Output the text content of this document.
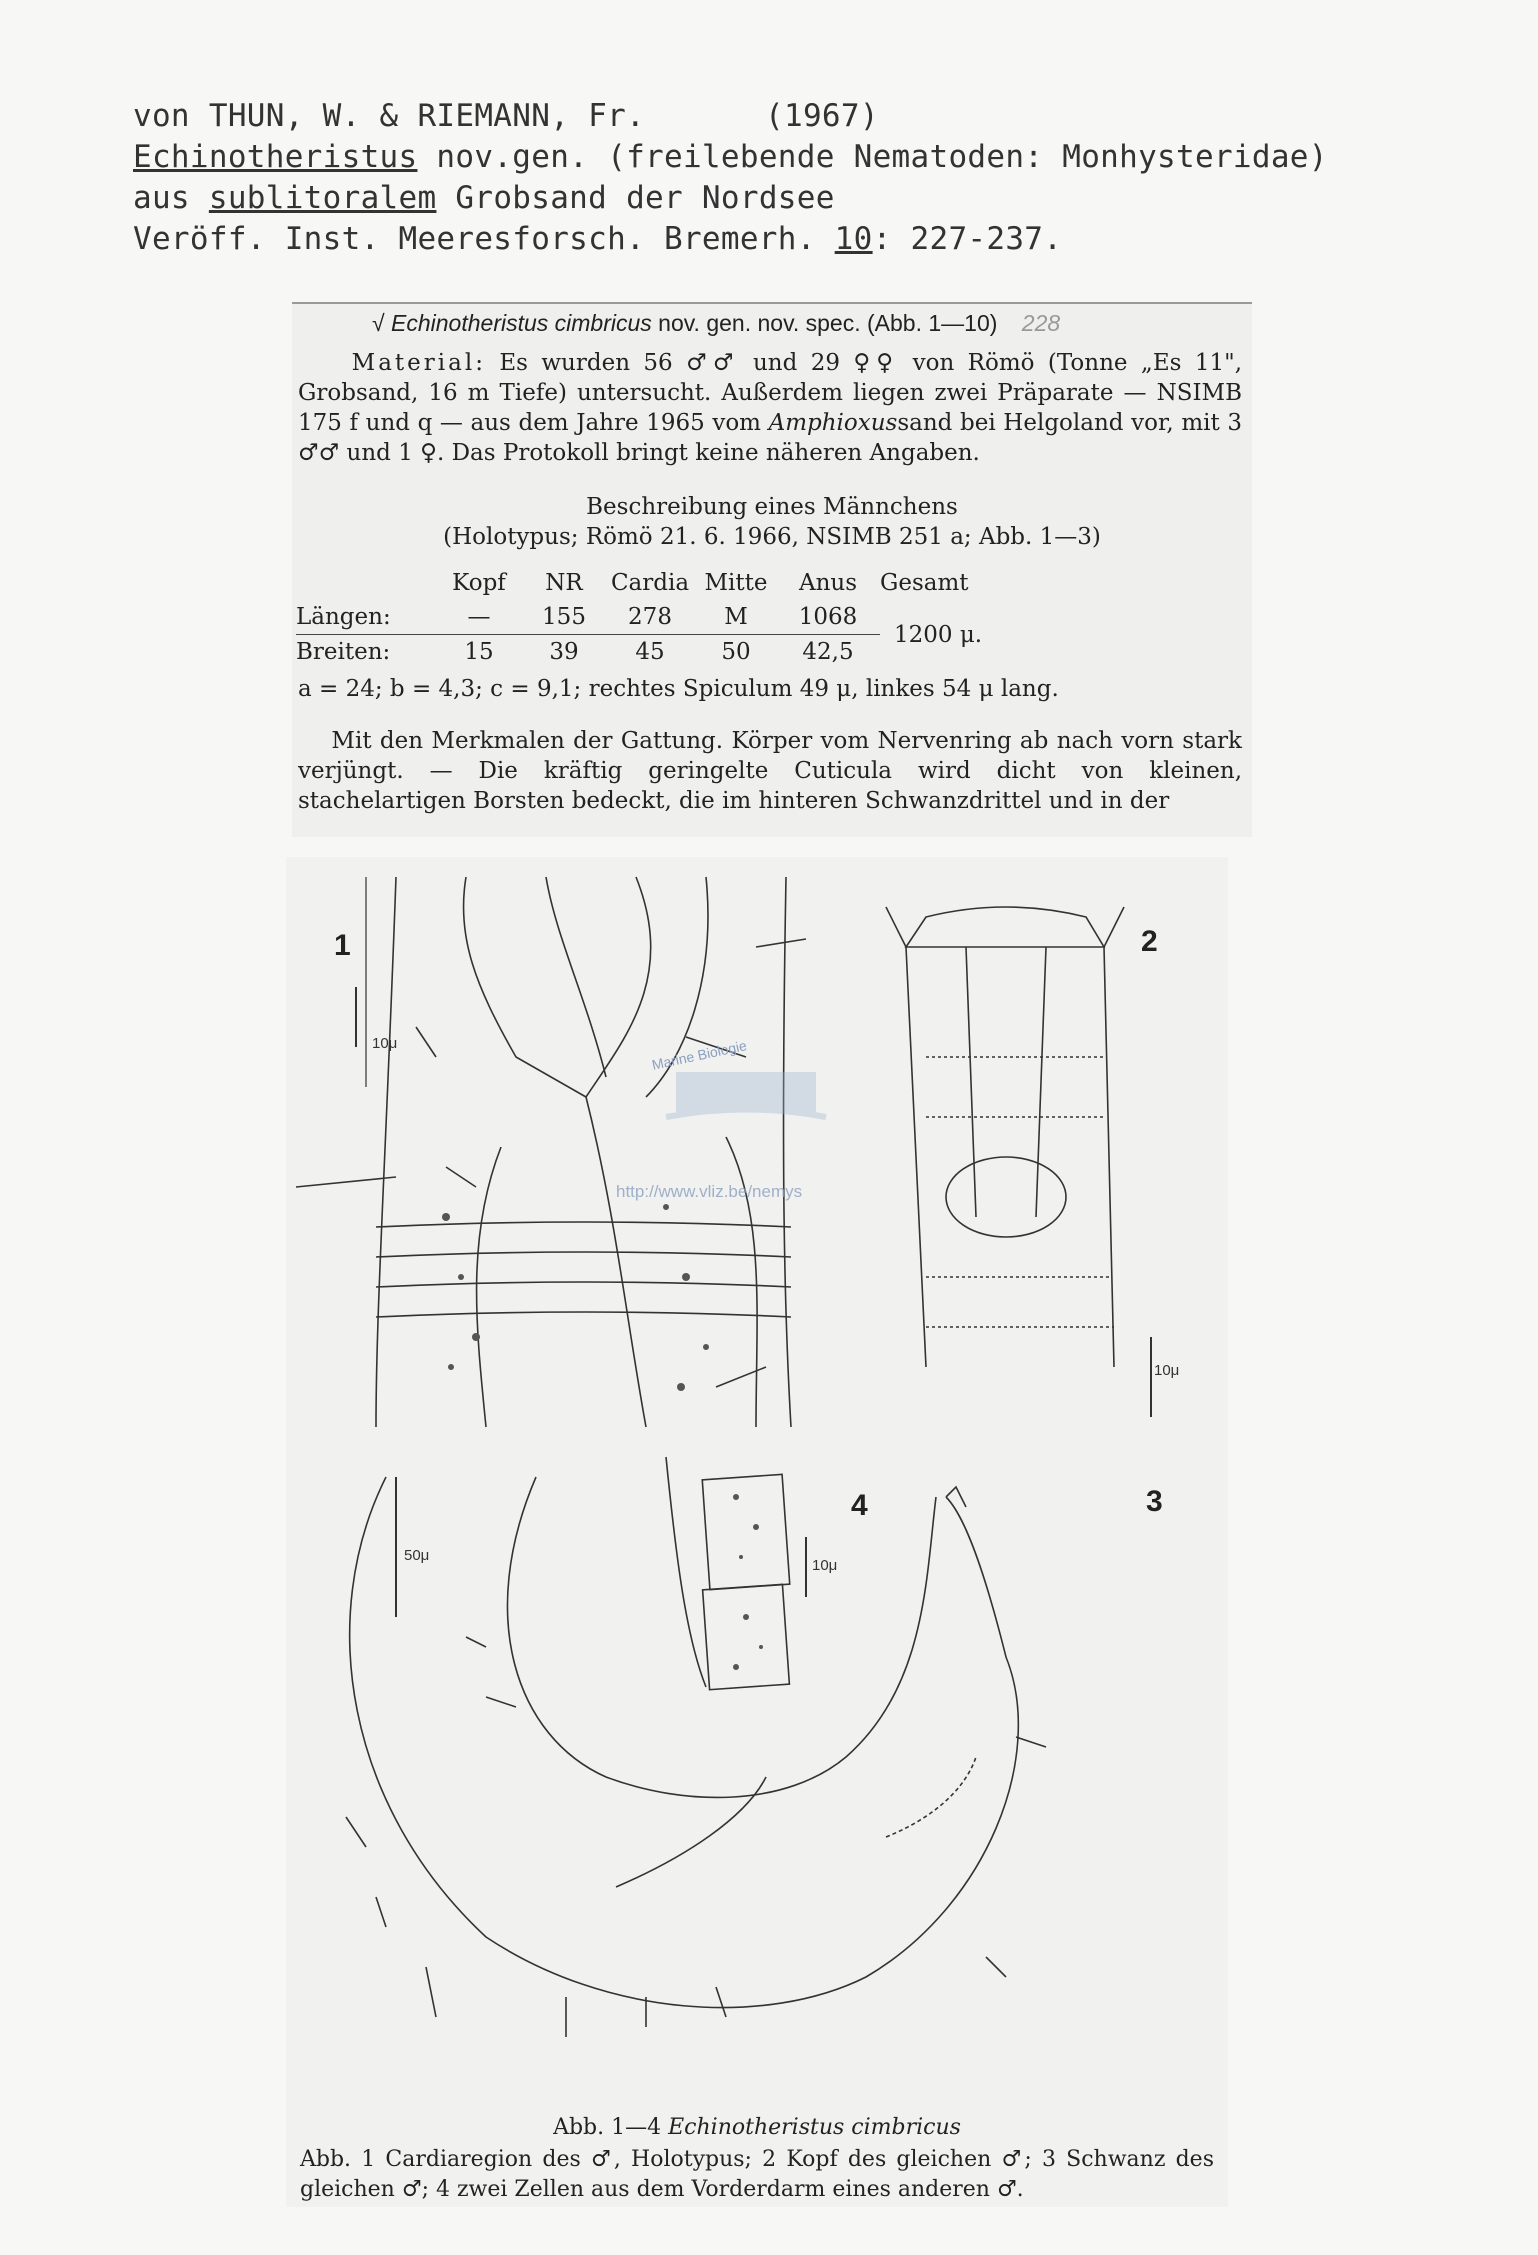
von THUN, W. & RIEMANN, Fr.	(1967)
Echinotheristus nov.gen. (freilebende Nematoden: Monhysteridae)
aus sublitoralem Grobsand der Nordsee
Veröff. Inst. Meeresforsch. Bremerh. 10: 227-237.

√ Echinotheristus cimbricus nov. gen. nov. spec. (Abb. 1—10) 228

Material: Es wurden 56 ♂♂ und 29 ♀♀ von Römö (Tonne „Es 11", Grobsand, 16 m Tiefe) untersucht. Außerdem liegen zwei Präparate — NSIMB 175 f und q — aus dem Jahre 1965 vom Amphioxussand bei Helgoland vor, mit 3 ♂♂ und 1 ♀. Das Protokoll bringt keine näheren Angaben.

Beschreibung eines Männchens

(Holotypus; Römö 21. 6. 1966, NSIMB 251 a; Abb. 1—3)

	Kopf	NR	Cardia	Mitte	Anus	Gesamt
Längen:	—	155	278	M	1068	1200 μ.
Breiten:	15	39	45	50	42,5	

a = 24; b = 4,3; c = 9,1; rechtes Spiculum 49 μ, linkes 54 μ lang.

Mit den Merkmalen der Gattung. Körper vom Nervenring ab nach vorn stark verjüngt. — Die kräftig geringelte Cuticula wird dicht von kleinen, stachelartigen Borsten bedeckt, die im hinteren Schwanzdrittel und in der

Marine Biologie
http://www.vliz.be/nemys
1	2
3
4
10μ
10μ
50μ
10μ

Abb. 1—4 Echinotheristus cimbricus

Abb. 1 Cardiaregion des ♂, Holotypus; 2 Kopf des gleichen ♂; 3 Schwanz des gleichen ♂; 4 zwei Zellen aus dem Vorderdarm eines anderen ♂.
